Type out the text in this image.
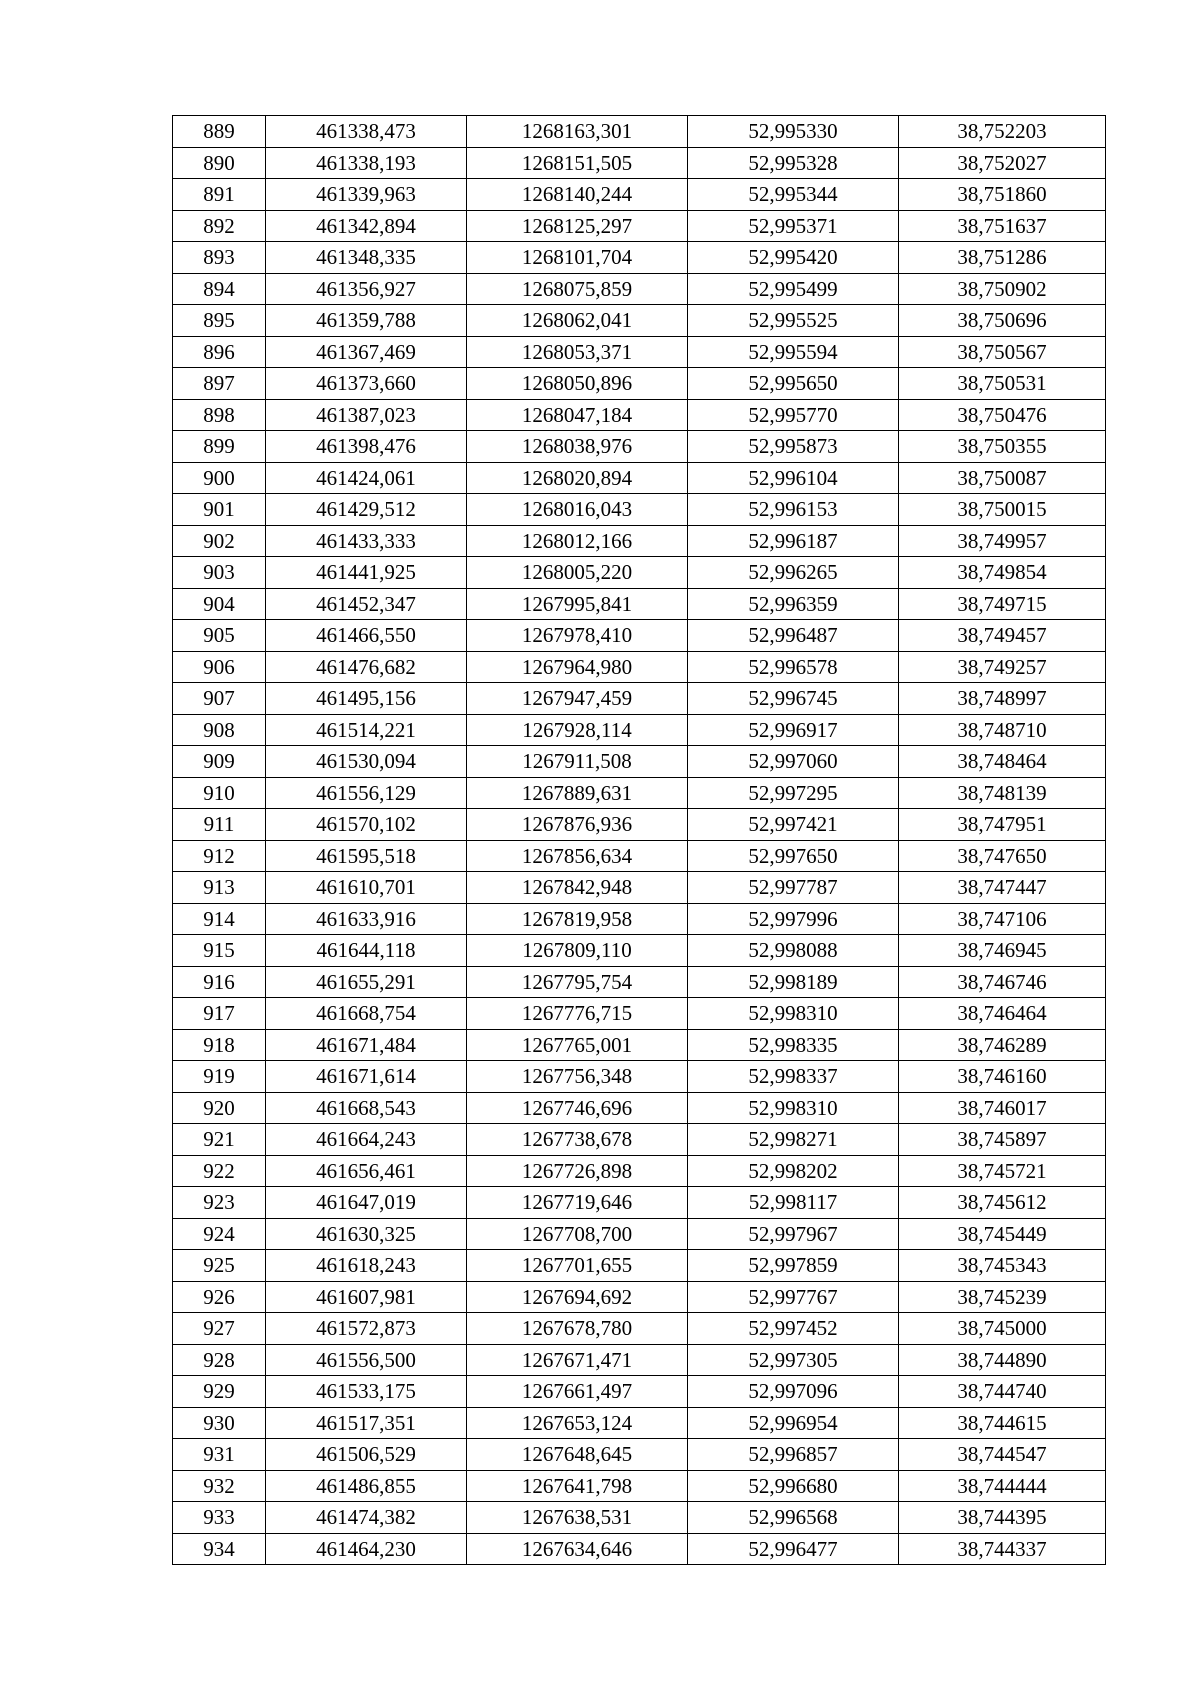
889	461338,473	1268163,301	52,995330	38,752203
890	461338,193	1268151,505	52,995328	38,752027
891	461339,963	1268140,244	52,995344	38,751860
892	461342,894	1268125,297	52,995371	38,751637
893	461348,335	1268101,704	52,995420	38,751286
894	461356,927	1268075,859	52,995499	38,750902
895	461359,788	1268062,041	52,995525	38,750696
896	461367,469	1268053,371	52,995594	38,750567
897	461373,660	1268050,896	52,995650	38,750531
898	461387,023	1268047,184	52,995770	38,750476
899	461398,476	1268038,976	52,995873	38,750355
900	461424,061	1268020,894	52,996104	38,750087
901	461429,512	1268016,043	52,996153	38,750015
902	461433,333	1268012,166	52,996187	38,749957
903	461441,925	1268005,220	52,996265	38,749854
904	461452,347	1267995,841	52,996359	38,749715
905	461466,550	1267978,410	52,996487	38,749457
906	461476,682	1267964,980	52,996578	38,749257
907	461495,156	1267947,459	52,996745	38,748997
908	461514,221	1267928,114	52,996917	38,748710
909	461530,094	1267911,508	52,997060	38,748464
910	461556,129	1267889,631	52,997295	38,748139
911	461570,102	1267876,936	52,997421	38,747951
912	461595,518	1267856,634	52,997650	38,747650
913	461610,701	1267842,948	52,997787	38,747447
914	461633,916	1267819,958	52,997996	38,747106
915	461644,118	1267809,110	52,998088	38,746945
916	461655,291	1267795,754	52,998189	38,746746
917	461668,754	1267776,715	52,998310	38,746464
918	461671,484	1267765,001	52,998335	38,746289
919	461671,614	1267756,348	52,998337	38,746160
920	461668,543	1267746,696	52,998310	38,746017
921	461664,243	1267738,678	52,998271	38,745897
922	461656,461	1267726,898	52,998202	38,745721
923	461647,019	1267719,646	52,998117	38,745612
924	461630,325	1267708,700	52,997967	38,745449
925	461618,243	1267701,655	52,997859	38,745343
926	461607,981	1267694,692	52,997767	38,745239
927	461572,873	1267678,780	52,997452	38,745000
928	461556,500	1267671,471	52,997305	38,744890
929	461533,175	1267661,497	52,997096	38,744740
930	461517,351	1267653,124	52,996954	38,744615
931	461506,529	1267648,645	52,996857	38,744547
932	461486,855	1267641,798	52,996680	38,744444
933	461474,382	1267638,531	52,996568	38,744395
934	461464,230	1267634,646	52,996477	38,744337
